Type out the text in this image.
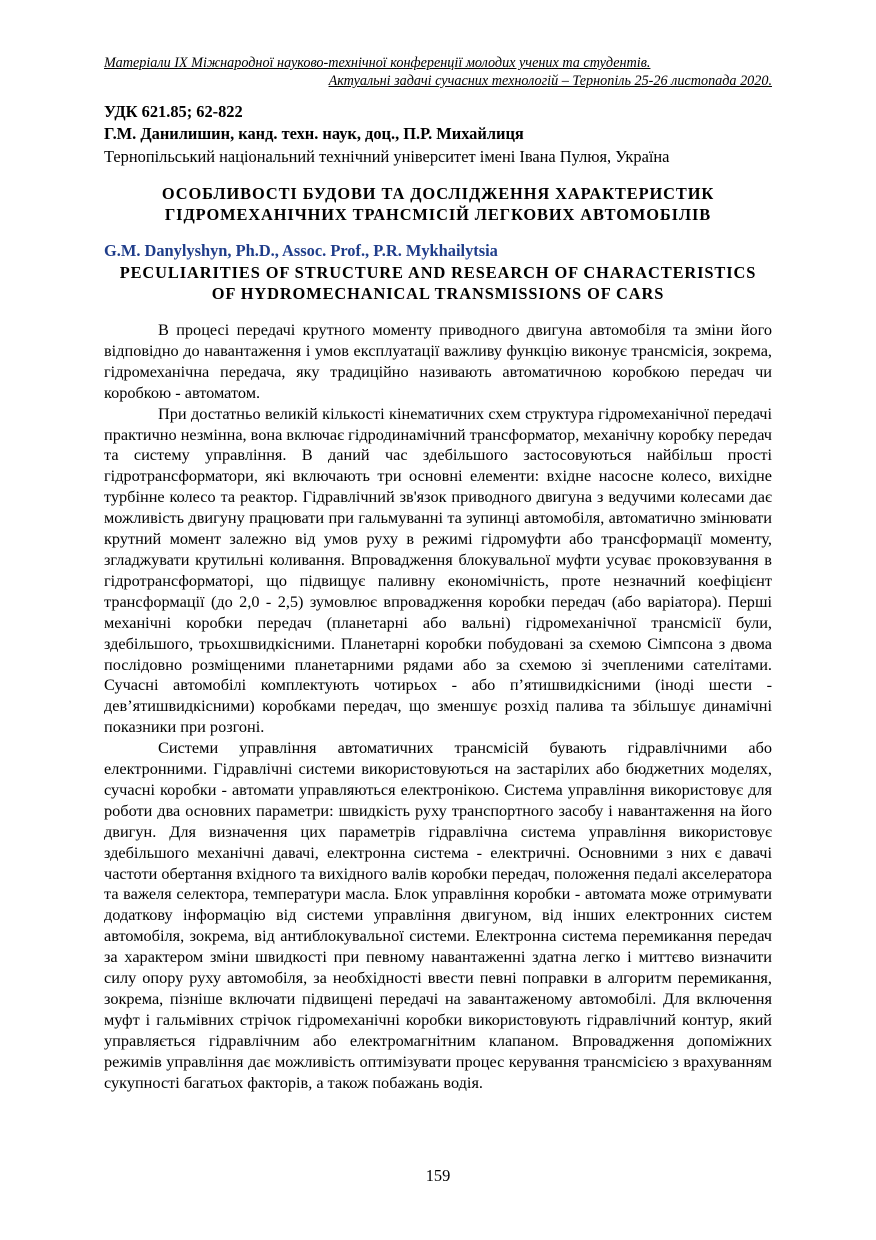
Матеріали IX Міжнародної науково-технічної конференції молодих учених та студентів.
Актуальні задачі сучасних технологій – Тернопіль 25-26 листопада 2020.
УДК 621.85; 62-822
Г.М. Данилишин, канд. техн. наук, доц., П.Р. Михайлиця
Тернопільський національний технічний університет імені Івана Пулюя, Україна
ОСОБЛИВОСТІ БУДОВИ ТА ДОСЛІДЖЕННЯ ХАРАКТЕРИСТИК
ГІДРОМЕХАНІЧНИХ ТРАНСМІСІЙ ЛЕГКОВИХ АВТОМОБІЛІВ
G.M. Danylyshyn, Ph.D., Assoc. Prof., P.R. Mykhailytsia
PECULIARITIES OF STRUCTURE AND RESEARCH OF CHARACTERISTICS
OF HYDROMECHANICAL TRANSMISSIONS OF CARS

В процесі передачі крутного моменту приводного двигуна автомобіля та зміни його відповідно до навантаження і умов експлуатації важливу функцію виконує трансмісія, зокрема, гідромеханічна передача, яку традиційно називають автоматичною коробкою передач чи коробкою - автоматом.

При достатньо великій кількості кінематичних схем структура гідромеханічної передачі практично незмінна, вона включає гідродинамічний трансформатор, механічну коробку передач та систему управління. В даний час здебільшого застосовуються найбільш прості гідротрансформатори, які включають три основні елементи: вхідне насосне колесо, вихідне турбінне колесо та реактор. Гідравлічний зв'язок приводного двигуна з ведучими колесами дає можливість двигуну працювати при гальмуванні та зупинці автомобіля, автоматично змінювати крутний момент залежно від умов руху в режимі гідромуфти або трансформації моменту, згладжувати крутильні коливання. Впровадження блокувальної муфти усуває проковзування в гідротрансформаторі, що підвищує паливну економічність, проте незначний коефіцієнт трансформації (до 2,0 - 2,5) зумовлює впровадження коробки передач (або варіатора). Перші механічні коробки передач (планетарні або вальні) гідромеханічної трансмісії були, здебільшого, трьохшвидкісними. Планетарні коробки побудовані за схемою Сімпсона з двома послідовно розміщеними планетарними рядами або за схемою зі зчепленими сателітами. Сучасні автомобілі комплектують чотирьох - або п’ятишвидкісними (іноді шести - дев’ятишвидкісними) коробками передач, що зменшує розхід палива та збільшує динамічні показники при розгоні.

Системи управління автоматичних трансмісій бувають гідравлічними або електронними. Гідравлічні системи використовуються на застарілих або бюджетних моделях, сучасні коробки - автомати управляються електронікою. Система управління використовує для роботи два основних параметри: швидкість руху транспортного засобу і навантаження на його двигун. Для визначення цих параметрів гідравлічна система управління використовує здебільшого механічні давачі, електронна система - електричні. Основними з них є давачі частоти обертання вхідного та вихідного валів коробки передач, положення педалі акселератора та важеля селектора, температури масла. Блок управління коробки - автомата може отримувати додаткову інформацію від системи управління двигуном, від інших електронних систем автомобіля, зокрема, від антиблокувальної системи. Електронна система перемикання передач за характером зміни швидкості при певному навантаженні здатна легко і миттєво визначити силу опору руху автомобіля, за необхідності ввести певні поправки в алгоритм перемикання, зокрема, пізніше включати підвищені передачі на завантаженому автомобілі. Для включення муфт і гальмівних стрічок гідромеханічні коробки використовують гідравлічний контур, який управляється гідравлічним або електромагнітним клапаном. Впровадження допоміжних режимів управління дає можливість оптимізувати процес керування трансмісією з врахуванням сукупності багатьох факторів, а також побажань водія.

159
